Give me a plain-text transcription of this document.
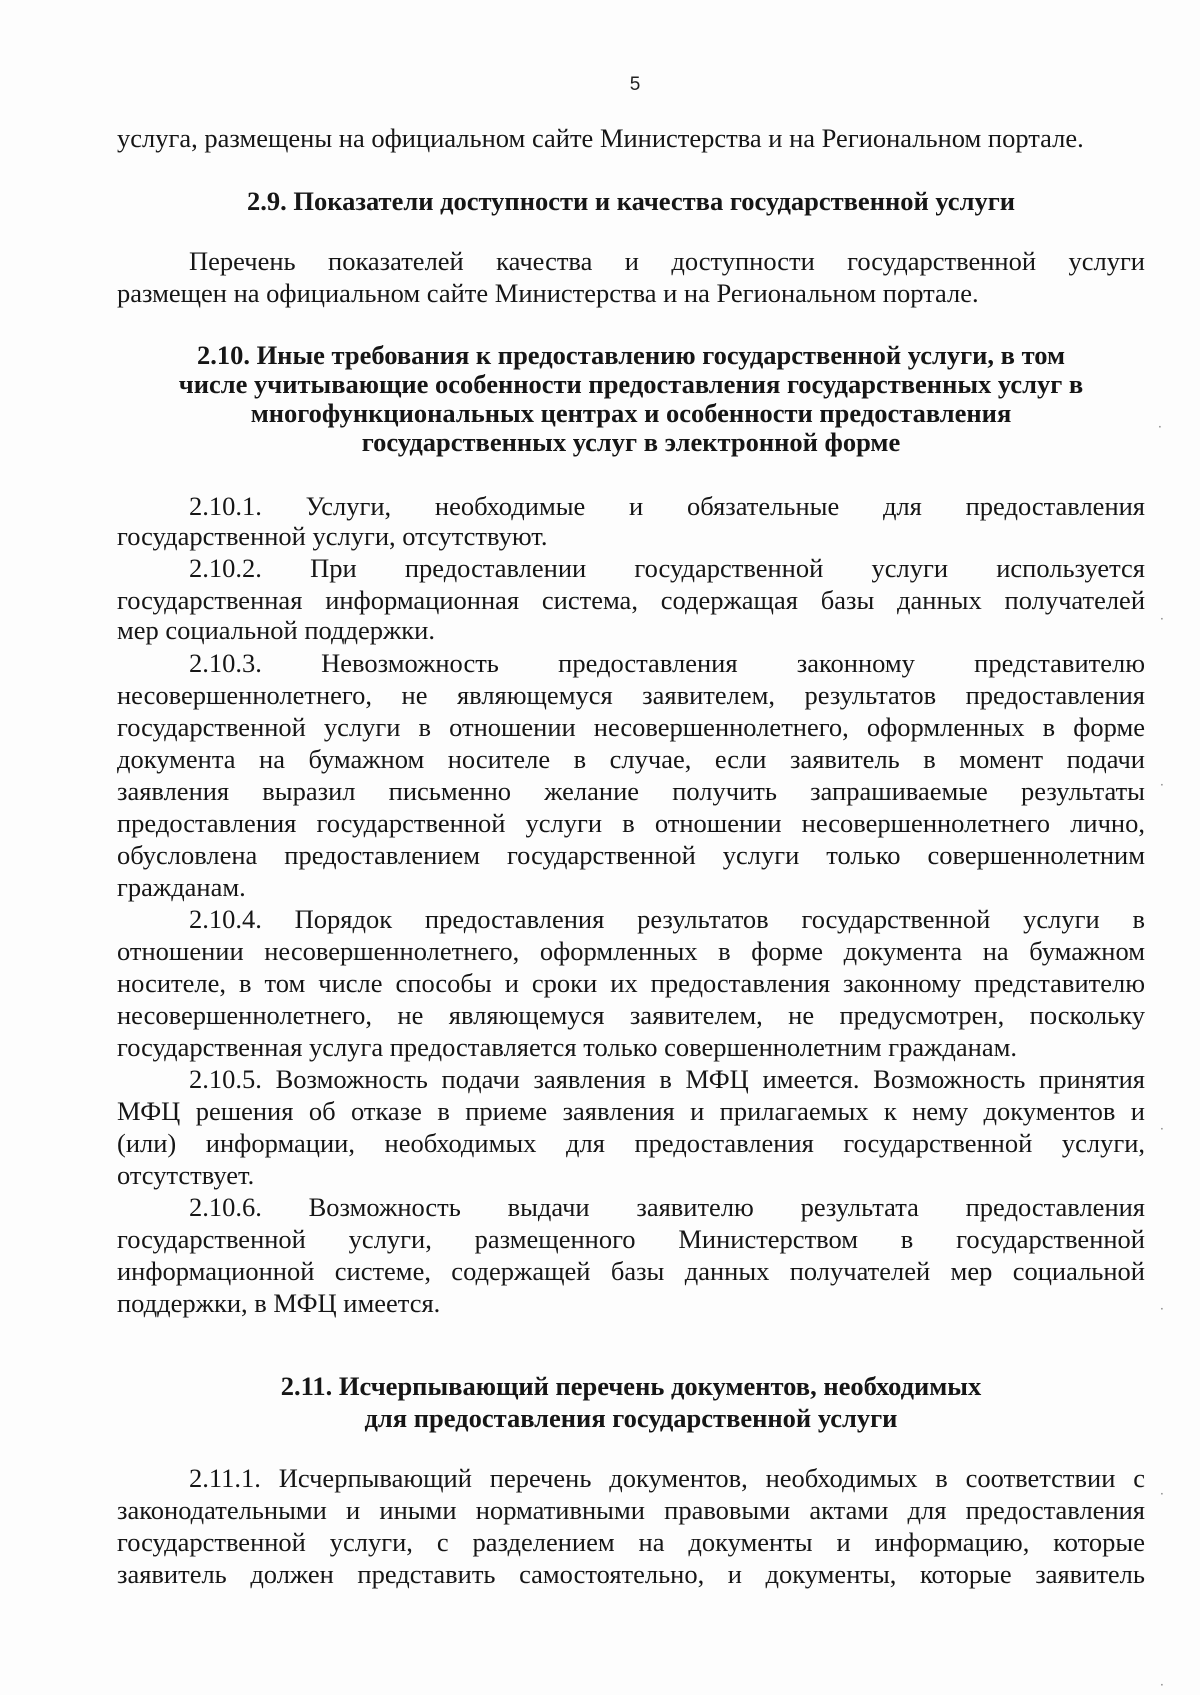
5
услуга, размещены на официальном сайте Министерства и на Региональном портале.
2.9. Показатели доступности и качества государственной услуги
Перечень показателей качества и доступности государственной услуги
размещен на официальном сайте Министерства и на Региональном портале.
2.10. Иные требования к предоставлению государственной услуги, в том
числе учитывающие особенности предоставления государственных услуг в
многофункциональных центрах и особенности предоставления
государственных услуг в электронной форме
2.10.1. Услуги, необходимые и обязательные для предоставления
государственной услуги, отсутствуют.
2.10.2. При предоставлении государственной услуги используется
государственная информационная система, содержащая базы данных получателей
мер социальной поддержки.
2.10.3. Невозможность предоставления законному представителю
несовершеннолетнего, не являющемуся заявителем, результатов предоставления
государственной услуги в отношении несовершеннолетнего, оформленных в форме
документа на бумажном носителе в случае, если заявитель в момент подачи
заявления выразил письменно желание получить запрашиваемые результаты
предоставления государственной услуги в отношении несовершеннолетнего лично,
обусловлена предоставлением государственной услуги только совершеннолетним
гражданам.
2.10.4. Порядок предоставления результатов государственной услуги в
отношении несовершеннолетнего, оформленных в форме документа на бумажном
носителе, в том числе способы и сроки их предоставления законному представителю
несовершеннолетнего, не являющемуся заявителем, не предусмотрен, поскольку
государственная услуга предоставляется только совершеннолетним гражданам.
2.10.5. Возможность подачи заявления в МФЦ имеется. Возможность принятия
МФЦ решения об отказе в приеме заявления и прилагаемых к нему документов и
(или) информации, необходимых для предоставления государственной услуги,
отсутствует.
2.10.6. Возможность выдачи заявителю результата предоставления
государственной услуги, размещенного Министерством в государственной
информационной системе, содержащей базы данных получателей мер социальной
поддержки, в МФЦ имеется.
2.11. Исчерпывающий перечень документов, необходимых
для предоставления государственной услуги
2.11.1. Исчерпывающий перечень документов, необходимых в соответствии с
законодательными и иными нормативными правовыми актами для предоставления
государственной услуги, с разделением на документы и информацию, которые
заявитель должен представить самостоятельно, и документы, которые заявитель
·
·
·
·
·
·
·
